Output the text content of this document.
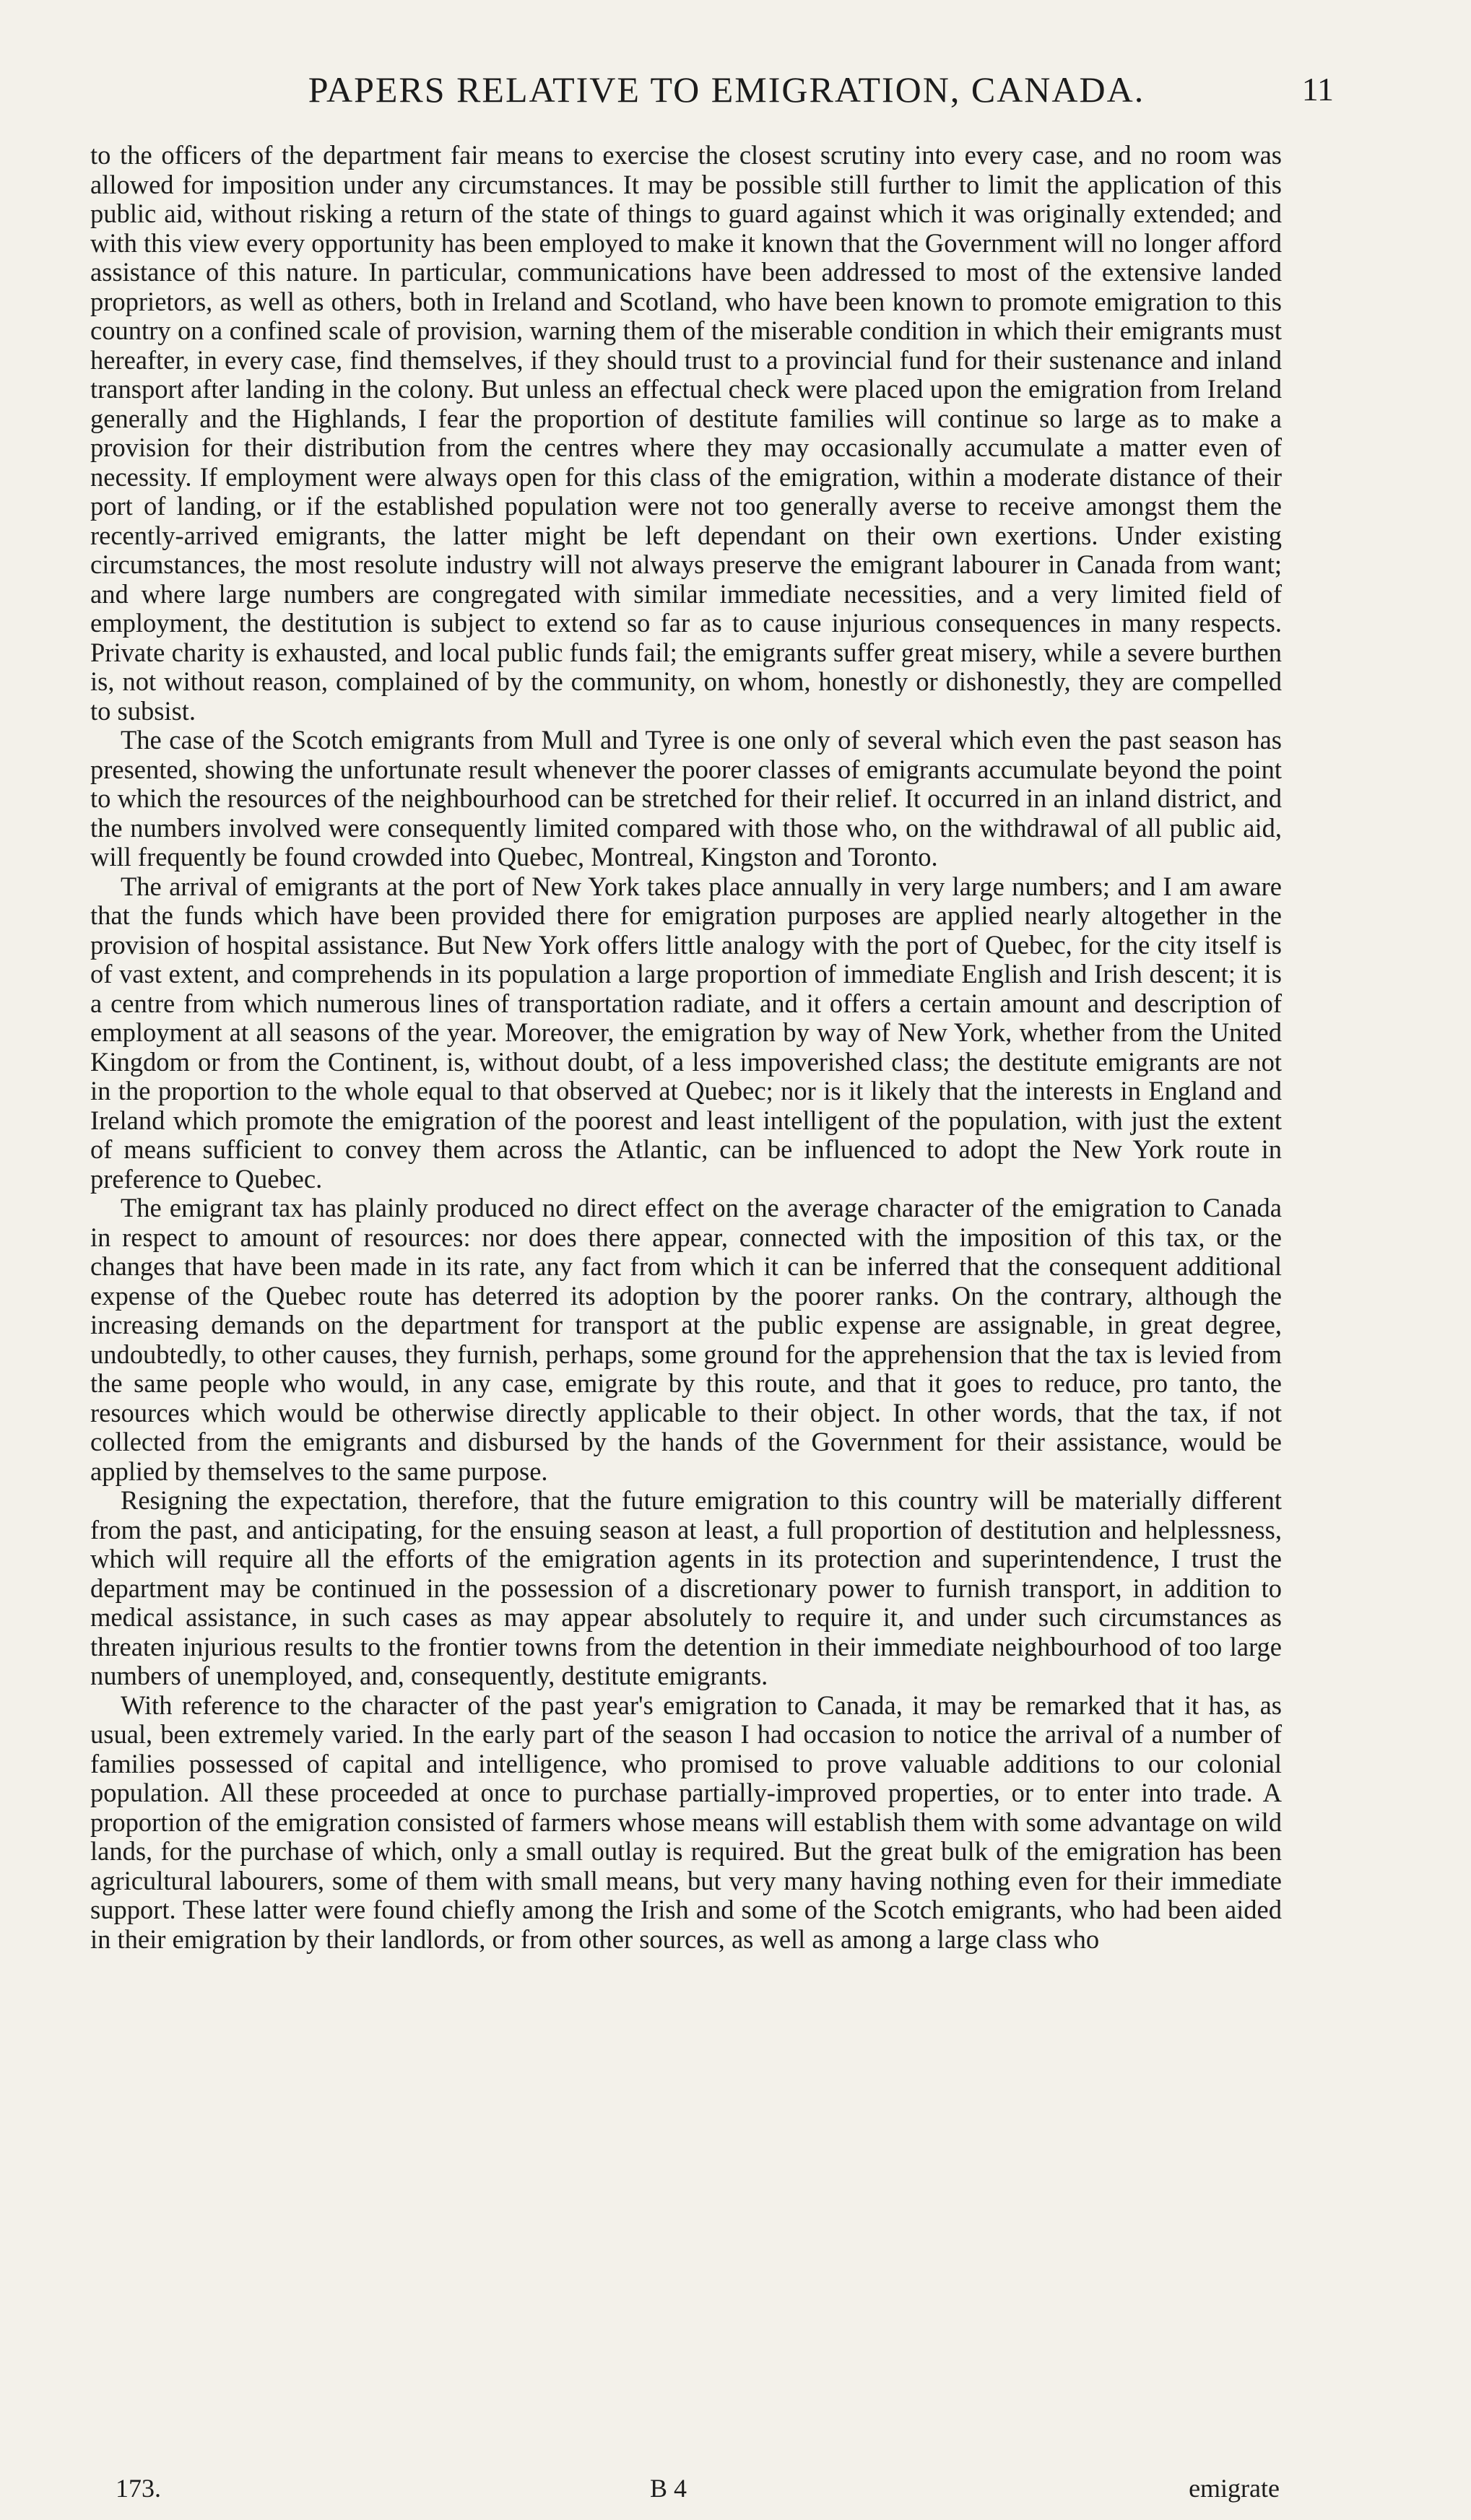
PAPERS RELATIVE TO EMIGRATION, CANADA.	11

to the officers of the department fair means to exercise the closest scrutiny into every case, and no room was allowed for imposition under any circumstances. It may be possible still further to limit the application of this public aid, without risking a return of the state of things to guard against which it was originally extended; and with this view every opportunity has been employed to make it known that the Government will no longer afford assistance of this nature. In particular, communications have been addressed to most of the extensive landed proprietors, as well as others, both in Ireland and Scotland, who have been known to promote emigration to this country on a confined scale of provision, warning them of the miserable condition in which their emigrants must hereafter, in every case, find themselves, if they should trust to a provincial fund for their sustenance and inland transport after landing in the colony. But unless an effectual check were placed upon the emigration from Ireland generally and the Highlands, I fear the proportion of destitute families will continue so large as to make a provision for their distribution from the centres where they may occasionally accumulate a matter even of necessity. If employment were always open for this class of the emigration, within a moderate distance of their port of landing, or if the established population were not too generally averse to receive amongst them the recently-arrived emigrants, the latter might be left dependant on their own exertions. Under existing circumstances, the most resolute industry will not always preserve the emigrant labourer in Canada from want; and where large numbers are congregated with similar immediate necessities, and a very limited field of employment, the destitution is subject to extend so far as to cause injurious consequences in many respects. Private charity is exhausted, and local public funds fail; the emigrants suffer great misery, while a severe burthen is, not without reason, complained of by the community, on whom, honestly or dishonestly, they are compelled to subsist.

The case of the Scotch emigrants from Mull and Tyree is one only of several which even the past season has presented, showing the unfortunate result whenever the poorer classes of emigrants accumulate beyond the point to which the resources of the neighbourhood can be stretched for their relief. It occurred in an inland district, and the numbers involved were consequently limited compared with those who, on the withdrawal of all public aid, will frequently be found crowded into Quebec, Montreal, Kingston and Toronto.

The arrival of emigrants at the port of New York takes place annually in very large numbers; and I am aware that the funds which have been provided there for emigration purposes are applied nearly altogether in the provision of hospital assistance. But New York offers little analogy with the port of Quebec, for the city itself is of vast extent, and comprehends in its population a large proportion of immediate English and Irish descent; it is a centre from which numerous lines of transportation radiate, and it offers a certain amount and description of employment at all seasons of the year. Moreover, the emigration by way of New York, whether from the United Kingdom or from the Continent, is, without doubt, of a less impoverished class; the destitute emigrants are not in the proportion to the whole equal to that observed at Quebec; nor is it likely that the interests in England and Ireland which promote the emigration of the poorest and least intelligent of the population, with just the extent of means sufficient to convey them across the Atlantic, can be influenced to adopt the New York route in preference to Quebec.

The emigrant tax has plainly produced no direct effect on the average character of the emigration to Canada in respect to amount of resources: nor does there appear, connected with the imposition of this tax, or the changes that have been made in its rate, any fact from which it can be inferred that the consequent additional expense of the Quebec route has deterred its adoption by the poorer ranks. On the contrary, although the increasing demands on the department for transport at the public expense are assignable, in great degree, undoubtedly, to other causes, they furnish, perhaps, some ground for the apprehension that the tax is levied from the same people who would, in any case, emigrate by this route, and that it goes to reduce, pro tanto, the resources which would be otherwise directly applicable to their object. In other words, that the tax, if not collected from the emigrants and disbursed by the hands of the Government for their assistance, would be applied by themselves to the same purpose.

Resigning the expectation, therefore, that the future emigration to this country will be materially different from the past, and anticipating, for the ensuing season at least, a full proportion of destitution and helplessness, which will require all the efforts of the emigration agents in its protection and superintendence, I trust the department may be continued in the possession of a discretionary power to furnish transport, in addition to medical assistance, in such cases as may appear absolutely to require it, and under such circumstances as threaten injurious results to the frontier towns from the detention in their immediate neighbourhood of too large numbers of unemployed, and, consequently, destitute emigrants.

With reference to the character of the past year's emigration to Canada, it may be remarked that it has, as usual, been extremely varied. In the early part of the season I had occasion to notice the arrival of a number of families possessed of capital and intelligence, who promised to prove valuable additions to our colonial population. All these proceeded at once to purchase partially-improved properties, or to enter into trade. A proportion of the emigration consisted of farmers whose means will establish them with some advantage on wild lands, for the purchase of which, only a small outlay is required. But the great bulk of the emigration has been agricultural labourers, some of them with small means, but very many having nothing even for their immediate support. These latter were found chiefly among the Irish and some of the Scotch emigrants, who had been aided in their emigration by their landlords, or from other sources, as well as among a large class who

173.	B 4	emigrate
